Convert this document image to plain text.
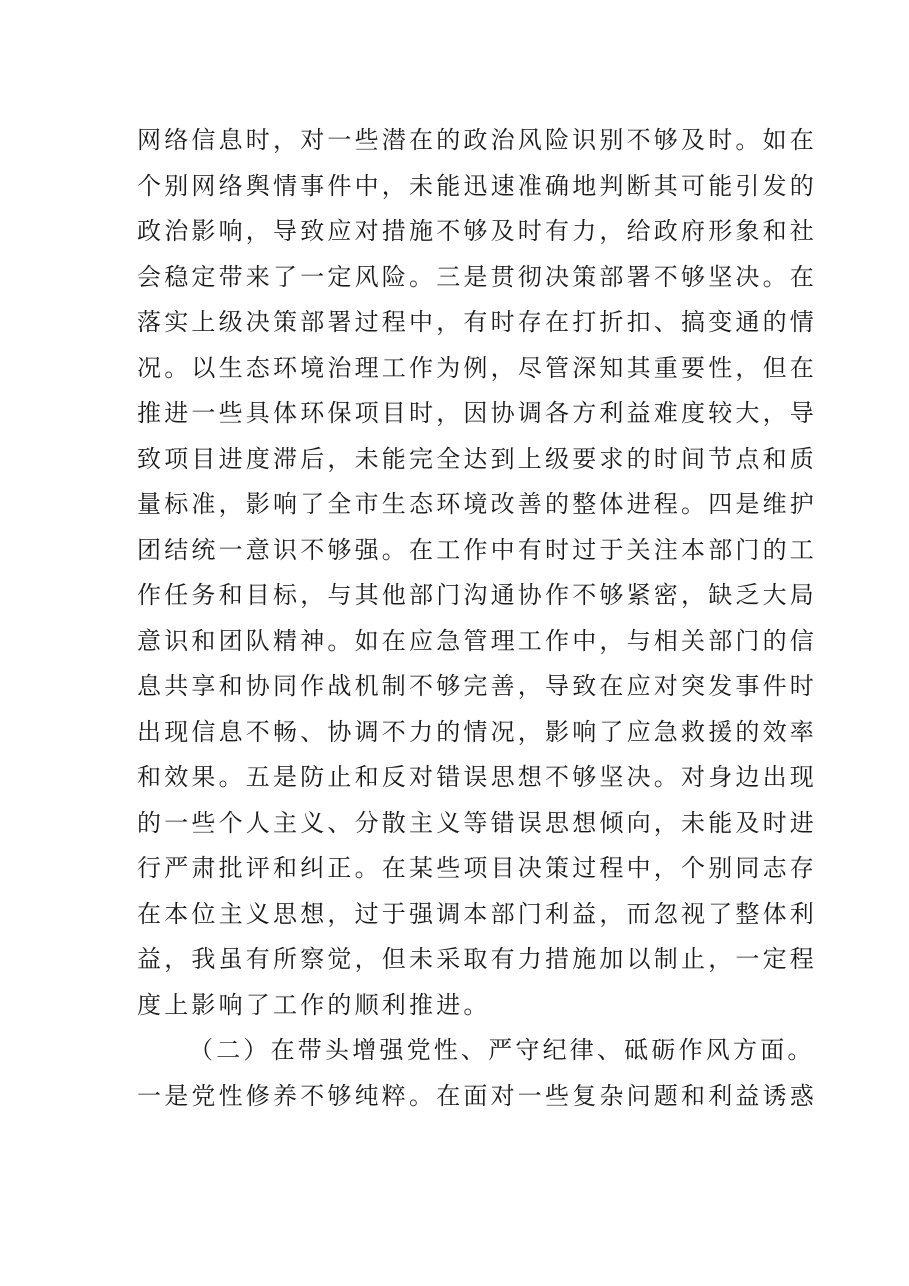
网络信息时，对一些潜在的政治风险识别不够及时。如在
个别网络舆情事件中，未能迅速准确地判断其可能引发的
政治影响，导致应对措施不够及时有力，给政府形象和社
会稳定带来了一定风险。三是贯彻决策部署不够坚决。在
落实上级决策部署过程中，有时存在打折扣、搞变通的情
况。以生态环境治理工作为例，尽管深知其重要性，但在
推进一些具体环保项目时，因协调各方利益难度较大，导
致项目进度滞后，未能完全达到上级要求的时间节点和质
量标准，影响了全市生态环境改善的整体进程。四是维护
团结统一意识不够强。在工作中有时过于关注本部门的工
作任务和目标，与其他部门沟通协作不够紧密，缺乏大局
意识和团队精神。如在应急管理工作中，与相关部门的信
息共享和协同作战机制不够完善，导致在应对突发事件时
出现信息不畅、协调不力的情况，影响了应急救援的效率
和效果。五是防止和反对错误思想不够坚决。对身边出现
的一些个人主义、分散主义等错误思想倾向，未能及时进
行严肃批评和纠正。在某些项目决策过程中，个别同志存
在本位主义思想，过于强调本部门利益，而忽视了整体利
益，我虽有所察觉，但未采取有力措施加以制止，一定程
度上影响了工作的顺利推进。
（二）在带头增强党性、严守纪律、砥砺作风方面。
一是党性修养不够纯粹。在面对一些复杂问题和利益诱惑
